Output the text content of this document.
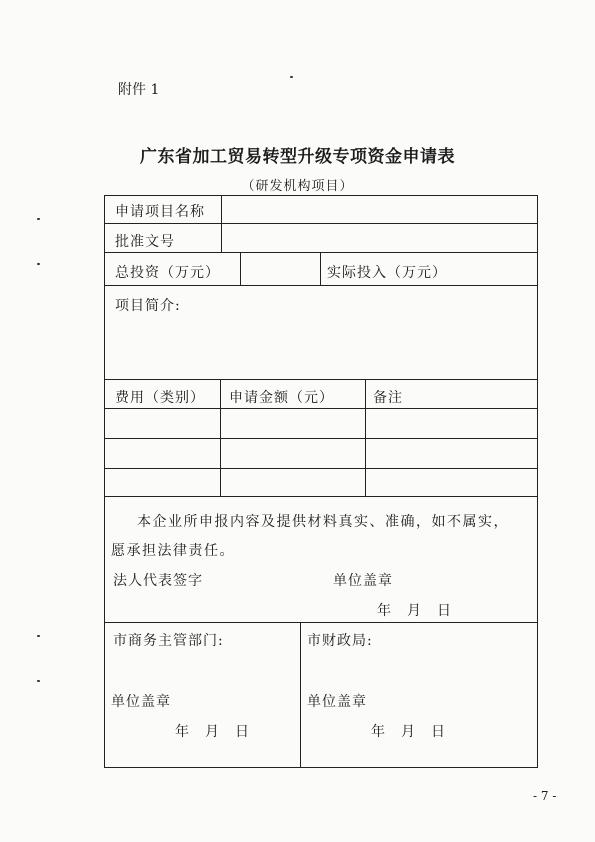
附件 1
广东省加工贸易转型升级专项资金申请表
（研发机构项目）
申请项目名称
批准文号
总投资（万元）	实际投入（万元）
项目简介:
费用（类别） 申请金额（元）	备注
本企业所申报内容及提供材料真实、准确，如不属实，
愿承担法律责任。
法人代表签字	单位盖章
年　月　日
市商务主管部门:	市财政局:
单位盖章	单位盖章
年　月　日	年　月　日
- 7 -
